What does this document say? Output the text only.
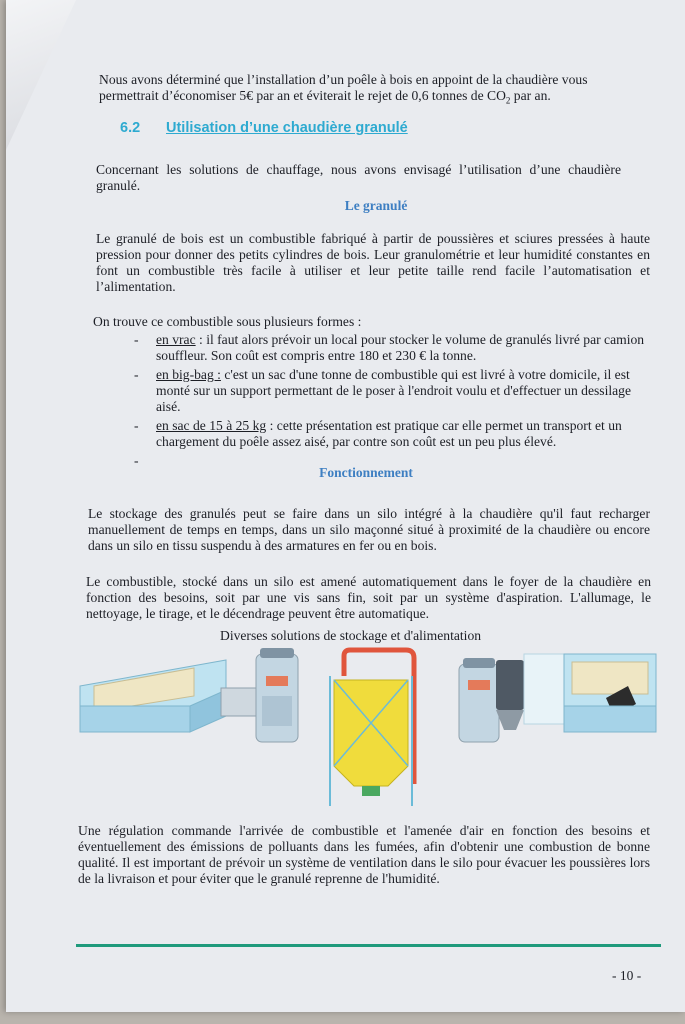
Nous avons déterminé que l’installation d’un poêle à bois en appoint de la chaudière vous
permettrait d’économiser 5€ par an et éviterait le rejet de 0,6 tonnes de $CO_2$ par an.

6.2 Utilisation d’une chaudière granulé

Concernant les solutions de chauffage, nous avons envisagé l’utilisation d’une chaudière granulé.

Le granulé

Le granulé de bois est un combustible fabriqué à partir de poussières et sciures pressées à haute pression pour donner des petits cylindres de bois. Leur granulométrie et leur humidité constantes en font un combustible très facile à utiliser et leur petite taille rend facile l’automatisation et l’alimentation.

On trouve ce combustible sous plusieurs formes :

- en vrac : il faut alors prévoir un local pour stocker le volume de granulés livré par camion souffleur. Son coût est compris entre 180 et 230 € la tonne.
- en big-bag : c'est un sac d'une tonne de combustible qui est livré à votre domicile, il est monté sur un support permettant de le poser à l'endroit voulu et d'effectuer un dessilage aisé.
- en sac de 15 à 25 kg : cette présentation est pratique car elle permet un transport et un chargement du poêle assez aisé, par contre son coût est un peu plus élevé.
-
Fonctionnement

Le stockage des granulés peut se faire dans un silo intégré à la chaudière qu'il faut recharger manuellement de temps en temps, dans un silo maçonné situé à proximité de la chaudière ou encore dans un silo en tissu suspendu à des armatures en fer ou en bois.

Le combustible, stocké dans un silo est amené automatiquement dans le foyer de la chaudière en fonction des besoins, soit par une vis sans fin, soit par un système d'aspiration. L'allumage, le nettoyage, le tirage, et le décendrage peuvent être automatique.

Diverses solutions de stockage et d'alimentation

Une régulation commande l'arrivée de combustible et l'amenée d'air en fonction des besoins et éventuellement des émissions de polluants dans les fumées, afin d'obtenir une combustion de bonne qualité. Il est important de prévoir un système de ventilation dans le silo pour évacuer les poussières lors de la livraison et pour éviter que le granulé reprenne de l'humidité.

- 10 -
